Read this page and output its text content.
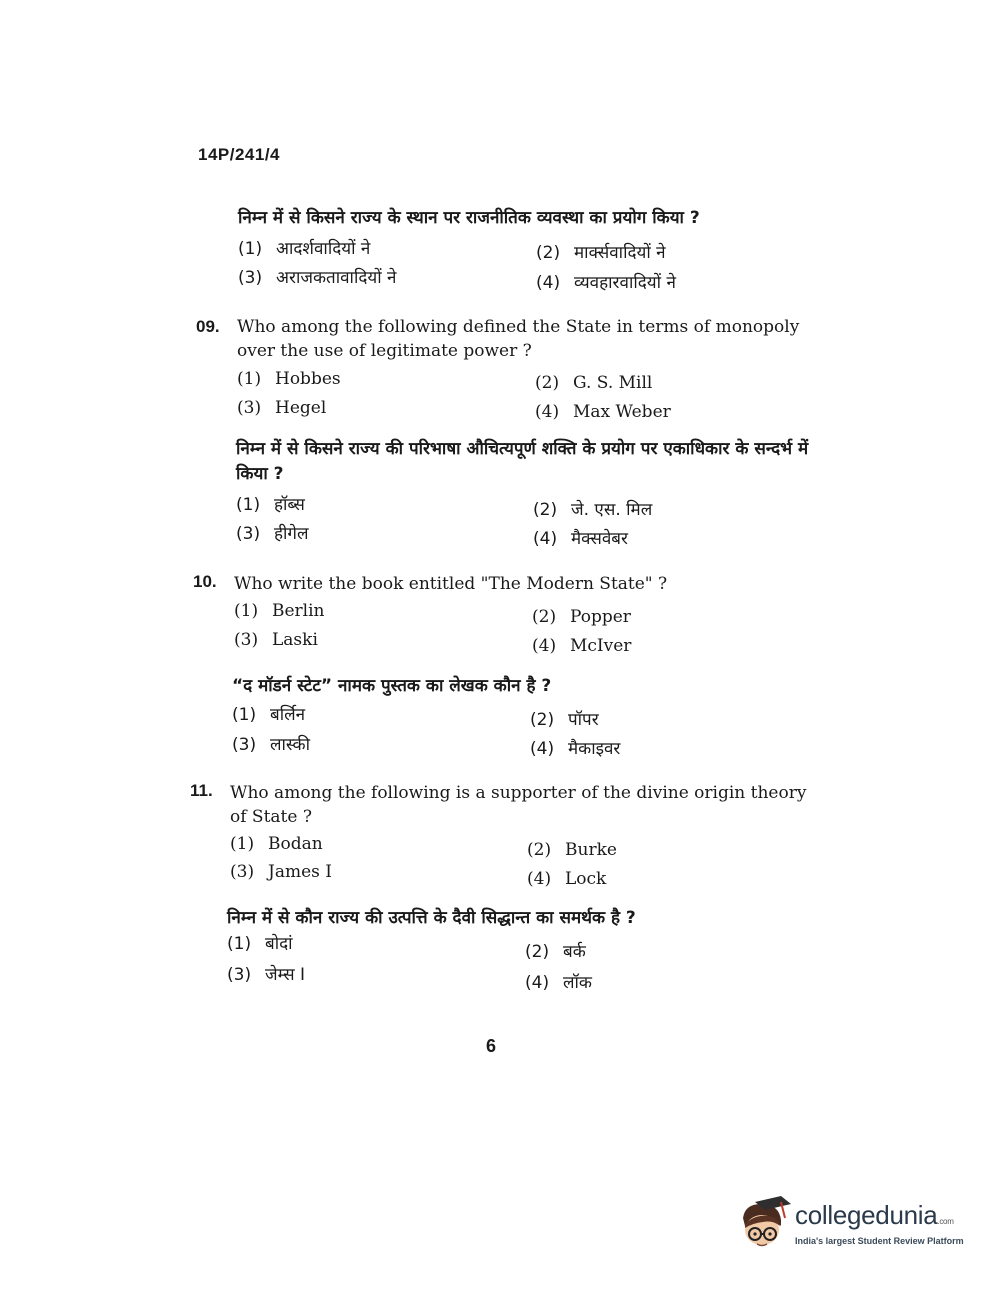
14P/241/4
निम्न में से किसने राज्य के स्थान पर राजनीतिक व्यवस्था का प्रयोग किया ?
(1) आदर्शवादियों ने	(2) मार्क्सवादियों ने
(3) अराजकतावादियों ने	(4) व्यवहारवादियों ने
09. Who among the following defined the State in terms of monopoly over the use of legitimate power ?
(1) Hobbes	(2) G. S. Mill
(3) Hegel	(4) Max Weber
निम्न में से किसने राज्य की परिभाषा औचित्यपूर्ण शक्ति के प्रयोग पर एकाधिकार के सन्दर्भ में किया ?
(1) हॉब्स	(2) जे. एस. मिल
(3) हीगेल	(4) मैक्सवेबर
10. Who write the book entitled "The Modern State" ?
(1) Berlin	(2) Popper
(3) Laski	(4) McIver
“द मॉडर्न स्टेट” नामक पुस्तक का लेखक कौन है ?
(1) बर्लिन	(2) पॉपर
(3) लास्की	(4) मैकाइवर
11. Who among the following is a supporter of the divine origin theory of State ?
(1) Bodan	(2) Burke
(3) James I	(4) Lock
निम्न में से कौन राज्य की उत्पत्ति के दैवी सिद्धान्त का समर्थक है ?
(1) बोदां	(2) बर्क
(3) जेम्स I	(4) लॉक
6
collegedunia.com
India's largest Student Review Platform
